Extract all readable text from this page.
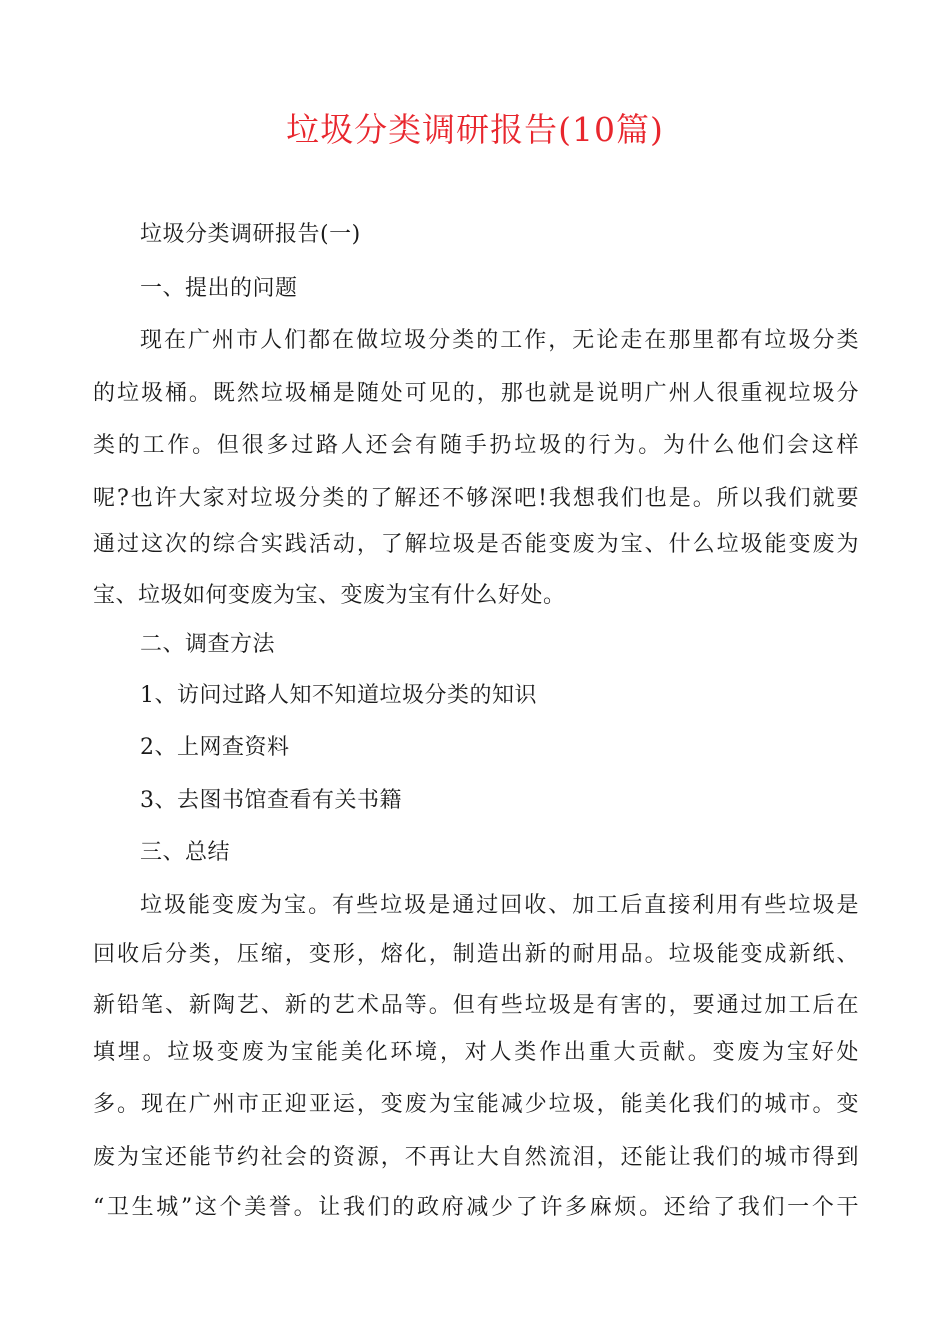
垃圾分类调研报告(10篇)
垃圾分类调研报告(一)
一、提出的问题
现在广州市人们都在做垃圾分类的工作，无论走在那里都有垃圾分类
的垃圾桶。既然垃圾桶是随处可见的，那也就是说明广州人很重视垃圾分
类的工作。但很多过路人还会有随手扔垃圾的行为。为什么他们会这样
呢?也许大家对垃圾分类的了解还不够深吧!我想我们也是。所以我们就要
通过这次的综合实践活动，了解垃圾是否能变废为宝、什么垃圾能变废为
宝、垃圾如何变废为宝、变废为宝有什么好处。
二、调查方法
1、访问过路人知不知道垃圾分类的知识
2、上网查资料
3、去图书馆查看有关书籍
三、总结
垃圾能变废为宝。有些垃圾是通过回收、加工后直接利用有些垃圾是
回收后分类，压缩，变形，熔化，制造出新的耐用品。垃圾能变成新纸、
新铅笔、新陶艺、新的艺术品等。但有些垃圾是有害的，要通过加工后在
填埋。垃圾变废为宝能美化环境，对人类作出重大贡献。变废为宝好处
多。现在广州市正迎亚运，变废为宝能减少垃圾，能美化我们的城市。变
废为宝还能节约社会的资源，不再让大自然流泪，还能让我们的城市得到
“卫生城”这个美誉。让我们的政府减少了许多麻烦。还给了我们一个干
